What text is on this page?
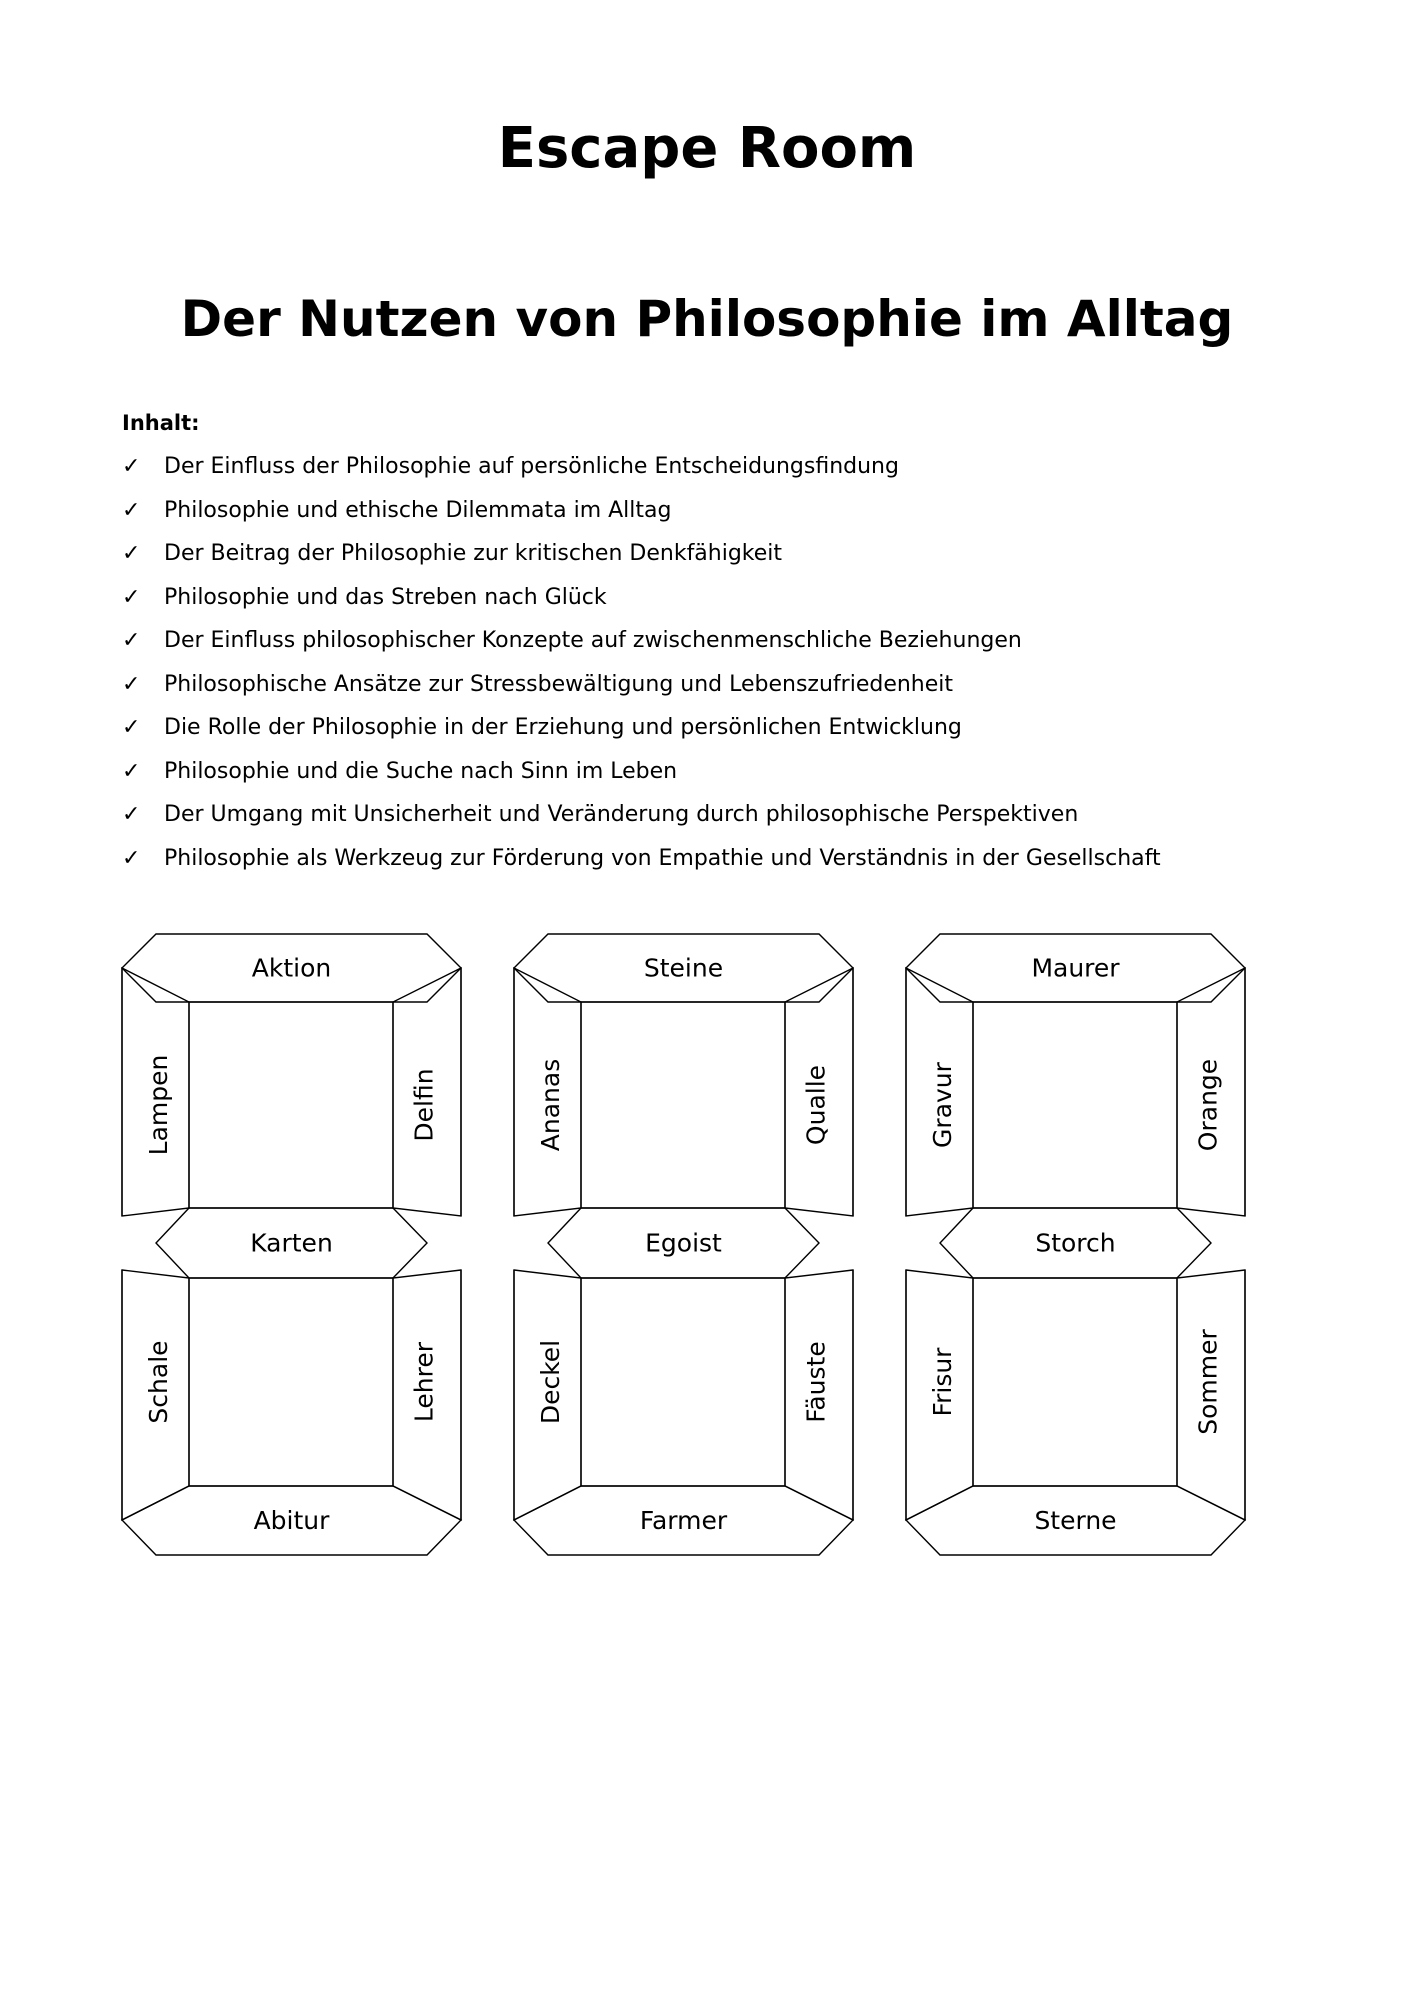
Escape Room
Der Nutzen von Philosophie im Alltag
Inhalt:
✓	Der Einfluss der Philosophie auf persönliche Entscheidungsfindung
✓	Philosophie und ethische Dilemmata im Alltag
✓	Der Beitrag der Philosophie zur kritischen Denkfähigkeit
✓	Philosophie und das Streben nach Glück
✓	Der Einfluss philosophischer Konzepte auf zwischenmenschliche Beziehungen
✓	Philosophische Ansätze zur Stressbewältigung und Lebenszufriedenheit
✓	Die Rolle der Philosophie in der Erziehung und persönlichen Entwicklung
✓	Philosophie und die Suche nach Sinn im Leben
✓	Der Umgang mit Unsicherheit und Veränderung durch philosophische Perspektiven
✓	Philosophie als Werkzeug zur Förderung von Empathie und Verständnis in der Gesellschaft
Aktion
Lampen	Delfin
Karten
Schale	Lehrer
Abitur
Steine
Ananas	Qualle
Egoist
Deckel	Fäuste
Farmer
Maurer
Gravur	Orange
Storch
Frisur	Sommer
Sterne
